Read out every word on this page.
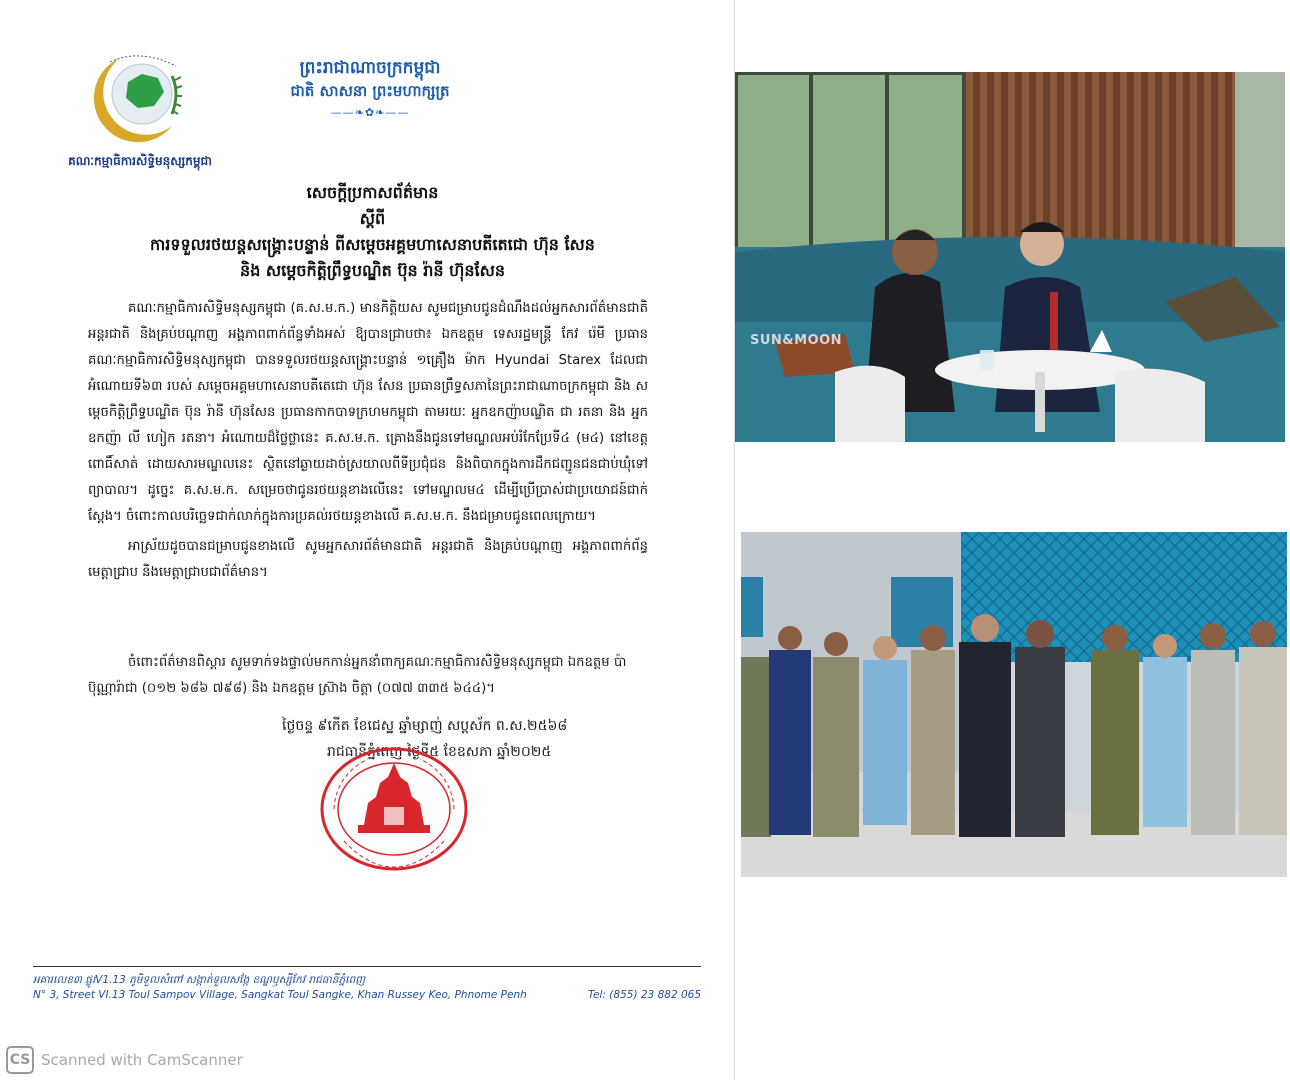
គណៈកម្មាធិការសិទ្ធិមនុស្សកម្ពុជា
ព្រះរាជាណាចក្រកម្ពុជា
ជាតិ សាសនា ព្រះមហាក្សត្រ
——❧✿❧——
សេចក្តីប្រកាសព័ត៌មាន
ស្តីពី
ការទទួលរថយន្តសង្គ្រោះបន្ទាន់ ពីសម្តេចអគ្គមហាសេនាបតីតេជោ ហ៊ុន សែន
និង សម្តេចកិត្តិព្រឹទ្ធបណ្ឌិត ប៊ុន រ៉ានី ហ៊ុនសែន

គណៈកម្មាធិការសិទ្ធិមនុស្សកម្ពុជា (គ.ស.ម.ក.) មានកិត្តិយស សូមជម្រាបជូនដំណឹងដល់អ្នកសារព័ត៌មានជាតិ អន្តរជាតិ និងគ្រប់បណ្តាញ អង្គភាពពាក់ព័ន្ធទាំងអស់ ឱ្យបានជ្រាបថា៖ ឯកឧត្តម ទេសរដ្ឋមន្ត្រី កែវ រ៉េមី ប្រធានគណៈកម្មាធិការសិទ្ធិមនុស្សកម្ពុជា បានទទួលរថយន្តសង្គ្រោះបន្ទាន់ ១គ្រឿង ម៉ាក Hyundai Starex ដែលជាអំណោយទី៦៣ របស់ សម្តេចអគ្គមហាសេនាបតីតេជោ ហ៊ុន សែន ប្រធានព្រឹទ្ធសភានៃព្រះរាជាណាចក្រកម្ពុជា និង សម្តេចកិត្តិព្រឹទ្ធបណ្ឌិត ប៊ុន រ៉ានី ហ៊ុនសែន ប្រធានកាកបាទក្រហមកម្ពុជា តាមរយៈ អ្នកឧកញ៉ាបណ្ឌិត ជា រតនា និង អ្នកឧកញ៉ា លី ហៀក រតនា។ អំណោយដ៏ថ្លៃថ្លានេះ គ.ស.ម.ក. គ្រោងនឹងជូនទៅមណ្ឌលអប់រំកែប្រែទី៤ (ម៤) នៅខេត្តពោធិ៍សាត់ ដោយសារមណ្ឌលនេះ ស្ថិតនៅឆ្ងាយដាច់ស្រយាលពីទីប្រជុំជន និងពិបាកក្នុងការដឹកជញ្ជូនជនជាប់ឃុំទៅព្យាបាល។ ដូច្នេះ គ.ស.ម.ក. សម្រេចថាជូនរថយន្តខាងលើនេះ ទៅមណ្ឌលម៤ ដើម្បីប្រើប្រាស់ជាប្រយោជន៍ជាក់ស្តែង។ ចំពោះកាលបរិច្ឆេទជាក់លាក់ក្នុងការប្រគល់រថយន្តខាងលើ គ.ស.ម.ក. នឹងជម្រាបជូនពេលក្រោយ។

អាស្រ័យដូចបានជម្រាបជូនខាងលើ សូមអ្នកសារព័ត៌មានជាតិ អន្តរជាតិ និងគ្រប់បណ្តាញ អង្គភាពពាក់ព័ន្ធមេត្តាជ្រាប និងមេត្តាជ្រាបជាព័ត៌មាន។

ចំពោះព័ត៌មានពិស្តារ សូមទាក់ទងផ្ទាល់មកកាន់អ្នកនាំពាក្យគណៈកម្មាធិការសិទ្ធិមនុស្សកម្ពុជា ឯកឧត្តម ប៉ា ប៊ុណ្ណារ៉ាជា (០១២ ៦៨៦ ៧៩៨) និង ឯកឧត្តម ស្រ៊ាង ចិត្តា (០៧៧ ៣៣៥ ៦៤៤)។
ថ្ងៃចន្ទ ៩កើត ខែជេស្ឋ ឆ្នាំម្សាញ់ សប្តស័ក ព.ស.២៥៦៨
រាជធានីភ្នំពេញ ថ្ងៃទី៥ ខែឧសភា ឆ្នាំ២០២៥
អគារលេខ៣ ផ្លូវV1.13 ភូមិទួលសំពៅ សង្កាត់ទួលសង្កែ ខណ្ឌឫស្សីកែវ រាជធានីភ្នំពេញ
N° 3, Street VI.13 Toul Sampov Village, Sangkat Toul Sangke, Khan Russey Keo, Phnome Penh	Tel: (855) 23 882 065
CS Scanned with CamScanner
SUN&MOON
